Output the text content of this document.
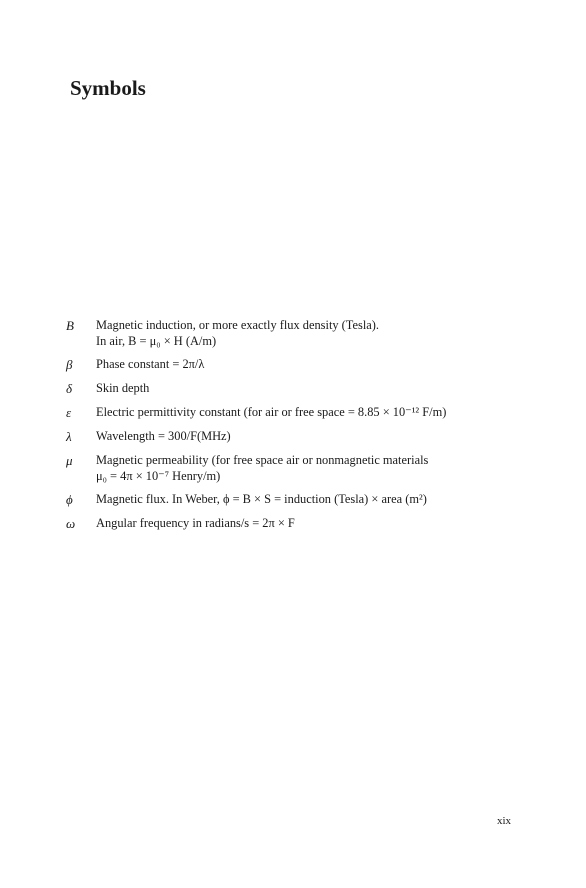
Symbols
B	Magnetic induction, or more exactly flux density (Tesla).
In air, B = μ₀ × H (A/m)
β	Phase constant = 2π/λ
δ	Skin depth
ε	Electric permittivity constant (for air or free space = 8.85 × 10⁻¹² F/m)
λ	Wavelength = 300/F(MHz)
μ	Magnetic permeability (for free space air or nonmagnetic materials
μ₀ = 4π × 10⁻⁷ Henry/m)
ϕ	Magnetic flux. In Weber, ϕ = B × S = induction (Tesla) × area (m²)
ω	Angular frequency in radians/s = 2π × F
xix
